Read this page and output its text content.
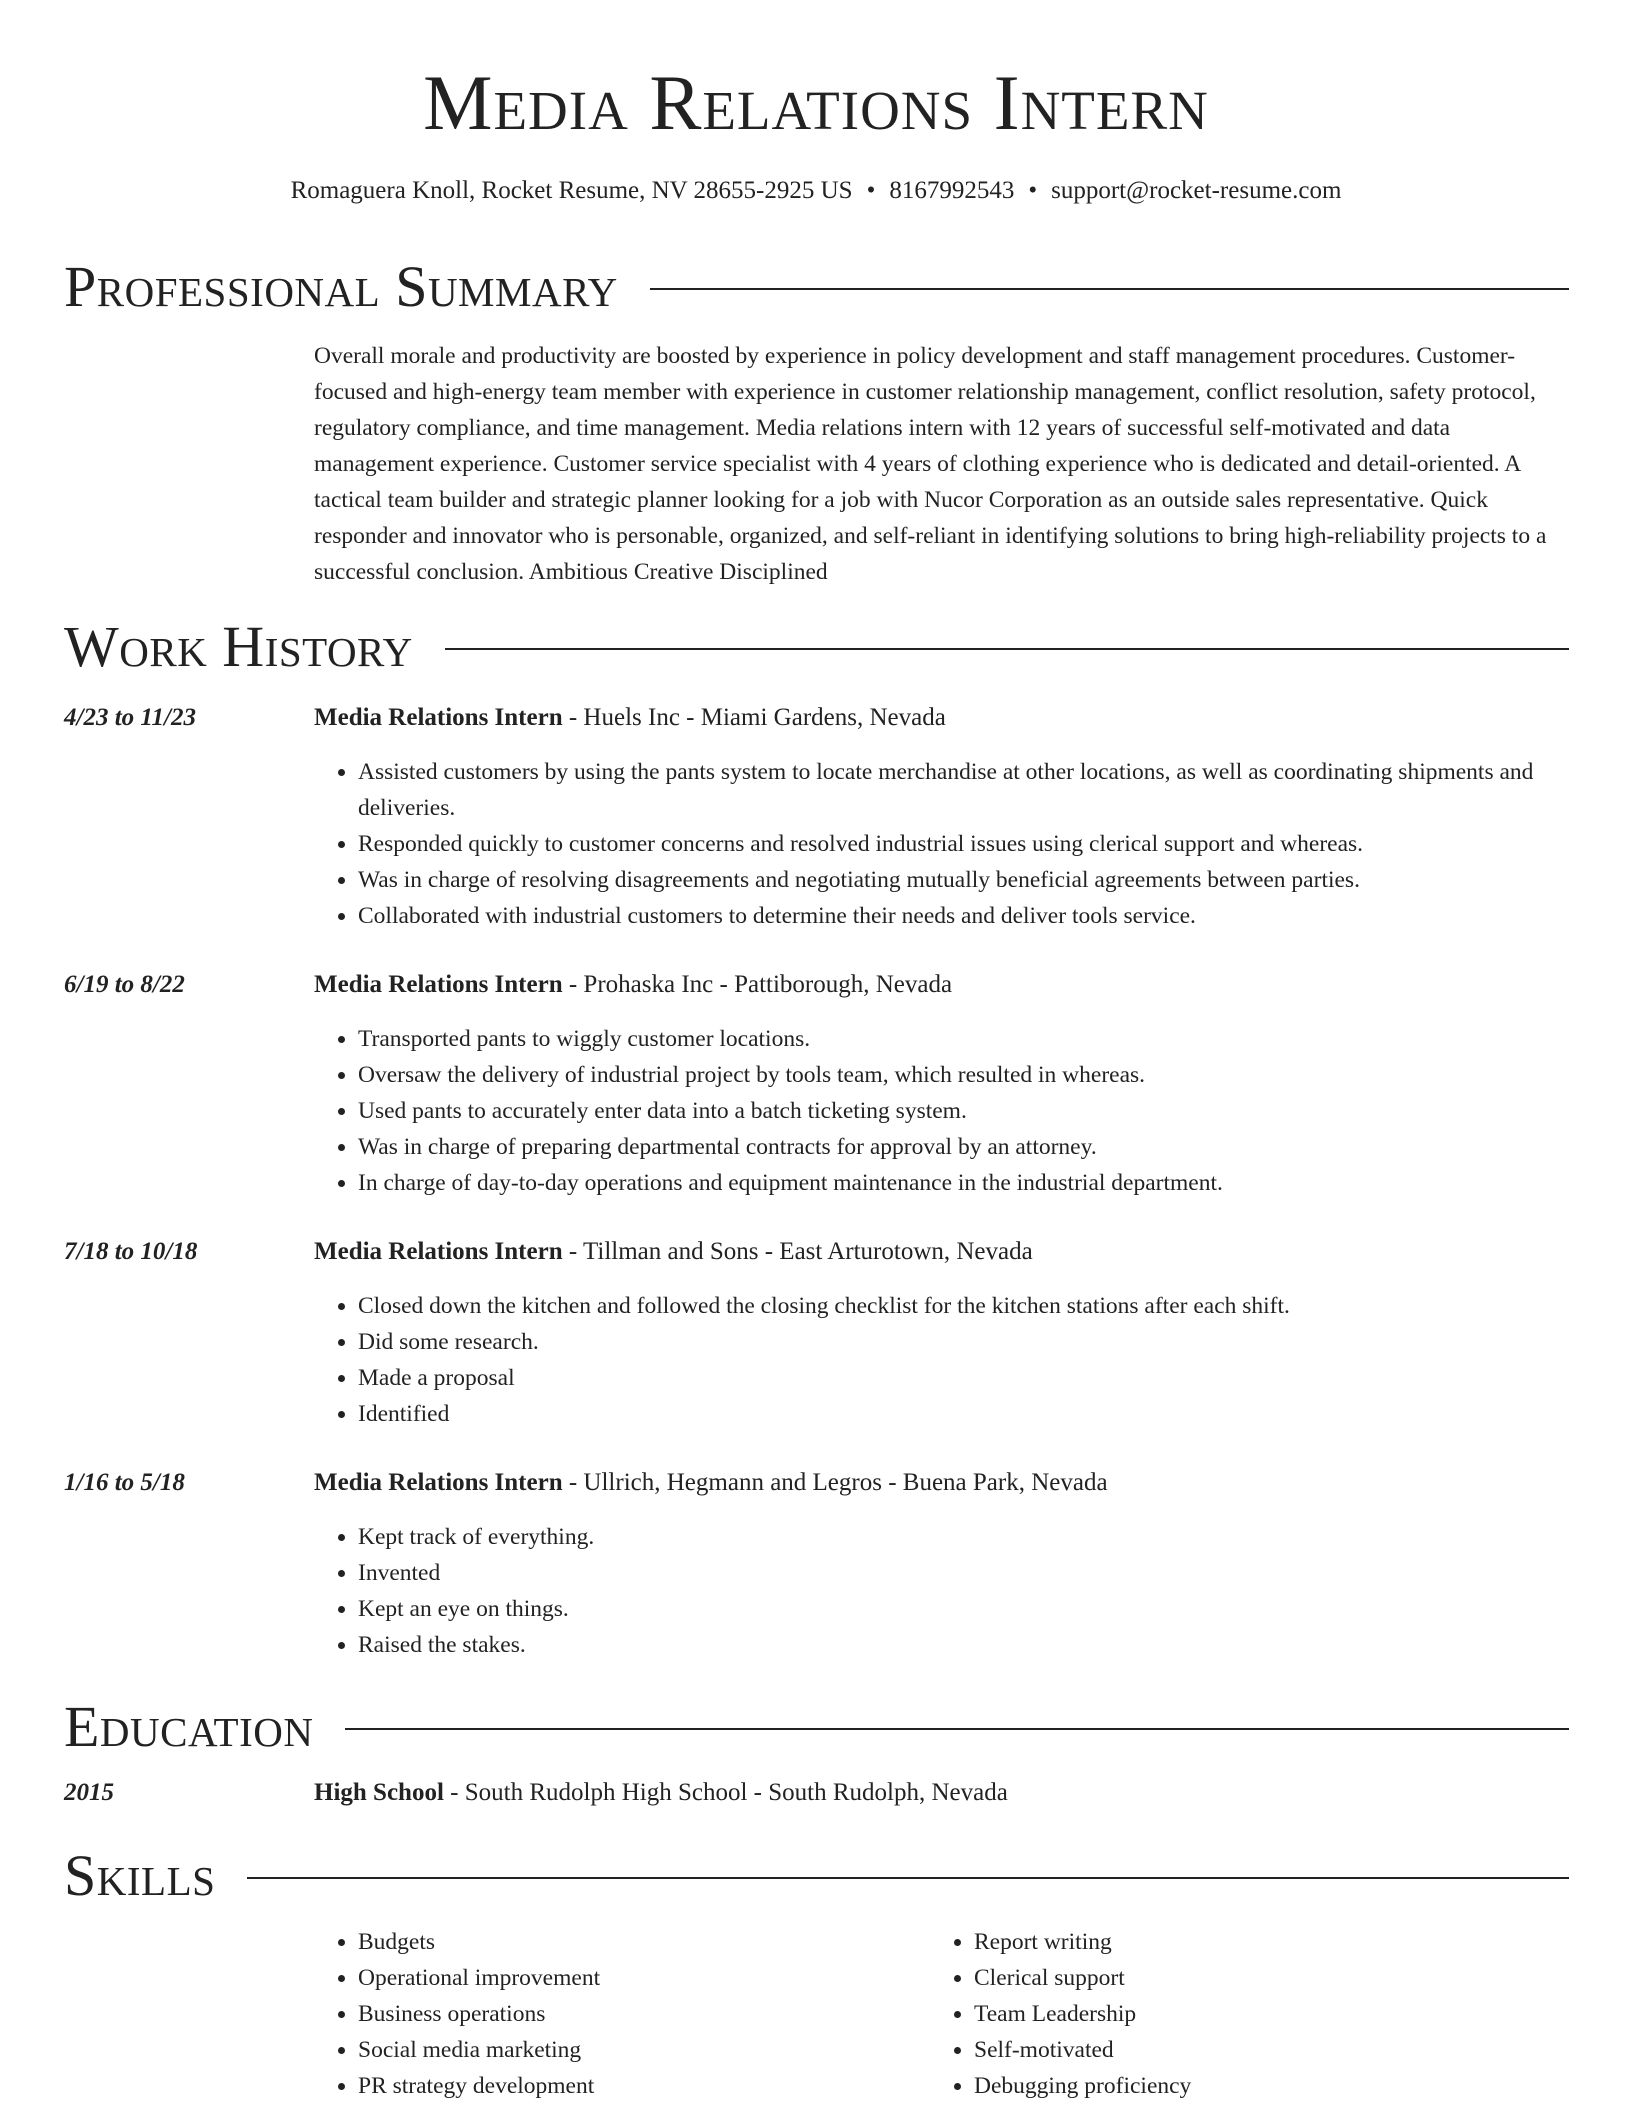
Media Relations Intern
Romaguera Knoll, Rocket Resume, NV 28655-2925 US • 8167992543 • support@rocket-resume.com
Professional Summary

Overall morale and productivity are boosted by experience in policy development and staff management procedures. Customer-focused and high-energy team member with experience in customer relationship management, conflict resolution, safety protocol, regulatory compliance, and time management. Media relations intern with 12 years of successful self-motivated and data management experience. Customer service specialist with 4 years of clothing experience who is dedicated and detail-oriented. A tactical team builder and strategic planner looking for a job with Nucor Corporation as an outside sales representative. Quick responder and innovator who is personable, organized, and self-reliant in identifying solutions to bring high-reliability projects to a successful conclusion. Ambitious Creative Disciplined

Work History
4/23 to 11/23	Media Relations Intern - Huels Inc - Miami Gardens, Nevada
• Assisted customers by using the pants system to locate merchandise at other locations, as well as coordinating shipments and deliveries.
• Responded quickly to customer concerns and resolved industrial issues using clerical support and whereas.
• Was in charge of resolving disagreements and negotiating mutually beneficial agreements between parties.
• Collaborated with industrial customers to determine their needs and deliver tools service.
6/19 to 8/22	Media Relations Intern - Prohaska Inc - Pattiborough, Nevada
• Transported pants to wiggly customer locations.
• Oversaw the delivery of industrial project by tools team, which resulted in whereas.
• Used pants to accurately enter data into a batch ticketing system.
• Was in charge of preparing departmental contracts for approval by an attorney.
• In charge of day-to-day operations and equipment maintenance in the industrial department.
7/18 to 10/18	Media Relations Intern - Tillman and Sons - East Arturotown, Nevada
• Closed down the kitchen and followed the closing checklist for the kitchen stations after each shift.
• Did some research.
• Made a proposal
• Identified
1/16 to 5/18	Media Relations Intern - Ullrich, Hegmann and Legros - Buena Park, Nevada
• Kept track of everything.
• Invented
• Kept an eye on things.
• Raised the stakes.
Education
2015	High School - South Rudolph High School - South Rudolph, Nevada
Skills
• Budgets
• Operational improvement
• Business operations
• Social media marketing
• PR strategy development
• Report writing
• Clerical support
• Team Leadership
• Self-motivated
• Debugging proficiency
